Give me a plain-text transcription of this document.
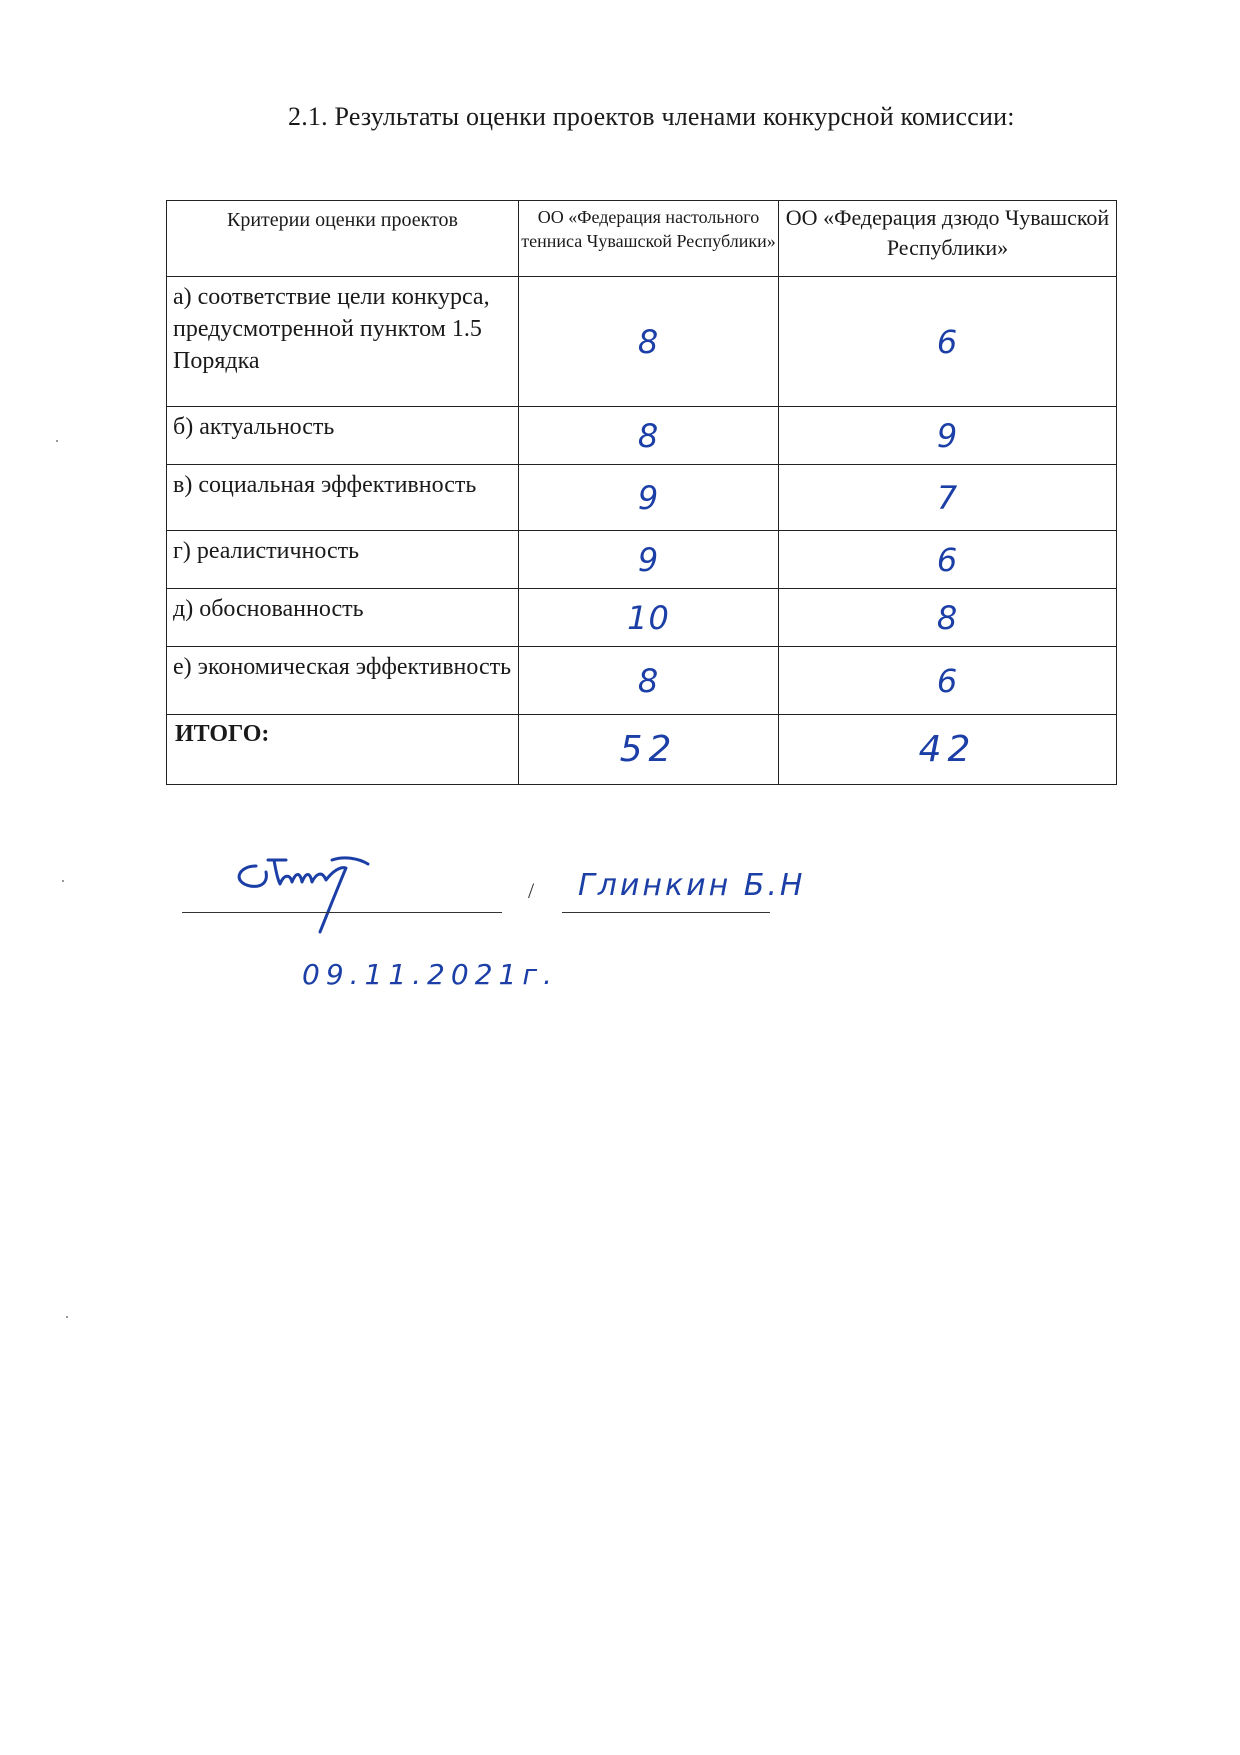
2.1. Результаты оценки проектов членами конкурсной комиссии:
Критерии оценки проектов	ОО «Федерация настольного тенниса Чувашской Республики»	ОО «Федерация дзюдо Чувашской Республики»
а) соответствие цели конкурса, предусмотренной пунктом 1.5 Порядка	8	6
б) актуальность	8	9
в) социальная эффективность	9	7
г) реалистичность	9	6
д) обоснованность	10	8
е) экономическая эффективность	8	6
ИТОГО:	52	42
/ Глинкин Б.Н
09.11.2021г.
